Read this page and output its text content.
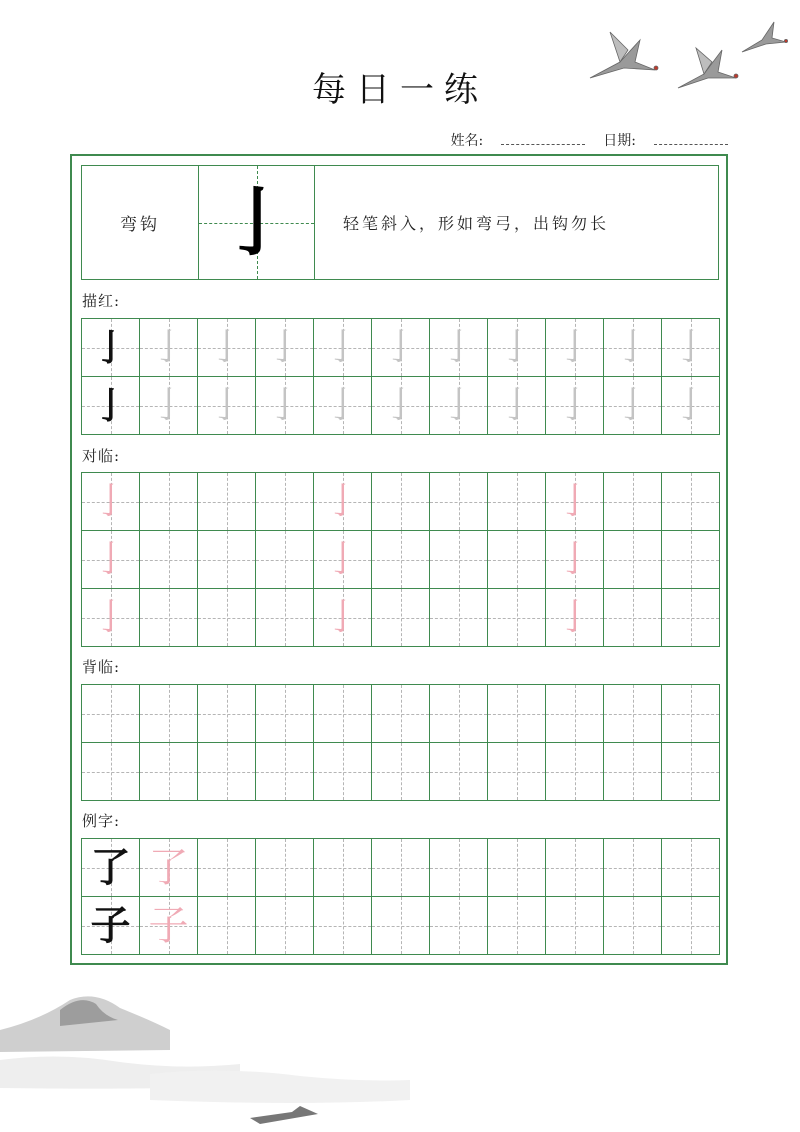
每日一练
姓名:	日期:
弯钩 亅	轻笔斜入，形如弯弓，出钩勿长
描红:
亅 亅 亅 亅 亅 亅 亅 亅 亅 亅 亅
亅 亅 亅 亅 亅 亅 亅 亅 亅 亅 亅
对临:
亅	亅	亅
亅	亅	亅
亅	亅	亅
背临:
例字:
了 了
子 子
